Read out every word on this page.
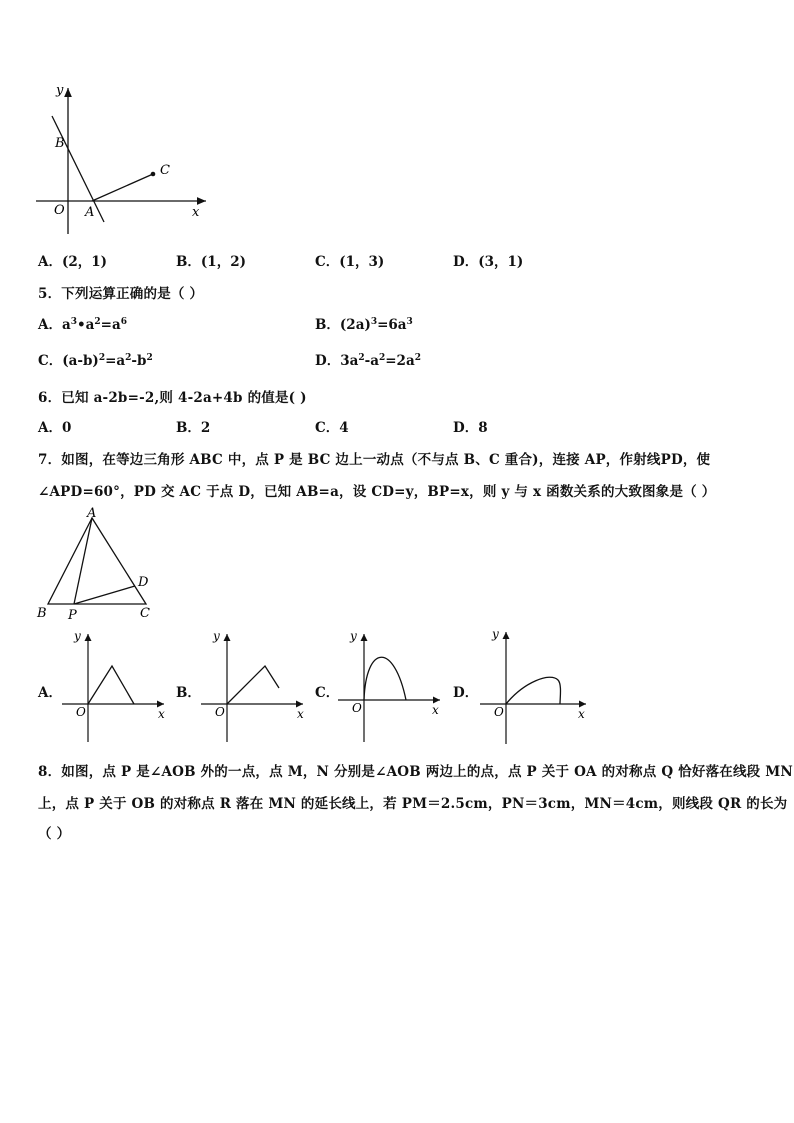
y
B
C
O A	x
A．(2，1)	B．(1，2)	C．(1，3)	D．(3，1)
5．下列运算正确的是（ ）
A．$a^3•a^2=a^6$	B．$(2a)^3=6a^3$
C．$(a-b)^2=a^2-b^2$	D．$3a^2-a^2=2a^2$
6．已知 a-2b=-2,则 4-2a+4b 的值是( )
A．0	B．2	C．4	D．8
7．如图，在等边三角形 ABC 中，点 P 是 BC 边上一动点（不与点 B、C 重合)，连接 AP，作射线PD，使
∠APD=60°，PD 交 AC 于点 D，已知 AB=a，设 CD=y，BP=x，则 y 与 x 函数关系的大致图象是（ ）
A
D
B P	C
A．	B．	C．	D．
y
O	x
y
O	x
y
O	x
y
O	x
8．如图，点 P 是∠AOB 外的一点，点 M，N 分别是∠AOB 两边上的点，点 P 关于 OA 的对称点 Q 恰好落在线段 MN
上，点 P 关于 OB 的对称点 R 落在 MN 的延长线上，若 PM＝2.5cm，PN＝3cm，MN＝4cm，则线段 QR 的长为
（ ）
